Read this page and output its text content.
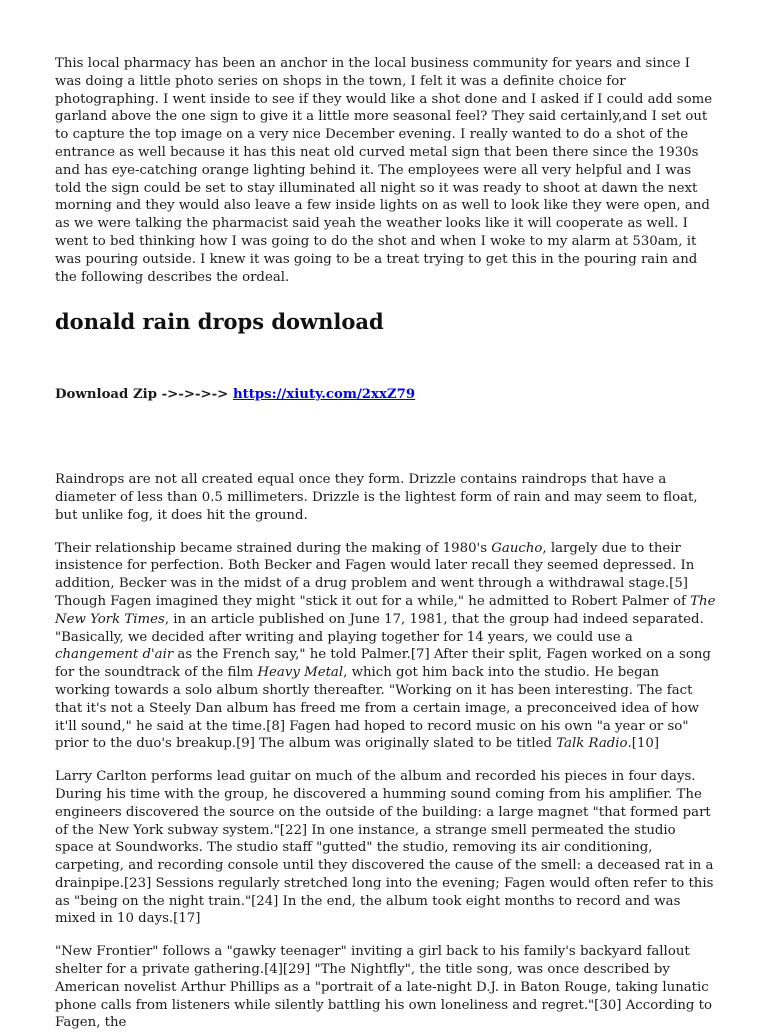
This local pharmacy has been an anchor in the local business community for years and since I was doing a little photo series on shops in the town, I felt it was a definite choice for photographing. I went inside to see if they would like a shot done and I asked if I could add some garland above the one sign to give it a little more seasonal feel? They said certainly,and I set out to capture the top image on a very nice December evening. I really wanted to do a shot of the entrance as well because it has this neat old curved metal sign that been there since the 1930s and has eye-catching orange lighting behind it. The employees were all very helpful and I was told the sign could be set to stay illuminated all night so it was ready to shoot at dawn the next morning and they would also leave a few inside lights on as well to look like they were open, and as we were talking the pharmacist said yeah the weather looks like it will cooperate as well. I went to bed thinking how I was going to do the shot and when I woke to my alarm at 530am, it was pouring outside. I knew it was going to be a treat trying to get this in the pouring rain and the following describes the ordeal.

donald rain drops download

Download Zip ->->->-> https://xiuty.com/2xxZ79

Raindrops are not all created equal once they form. Drizzle contains raindrops that have a diameter of less than 0.5 millimeters. Drizzle is the lightest form of rain and may seem to float, but unlike fog, it does hit the ground.

Their relationship became strained during the making of 1980's Gaucho, largely due to their insistence for perfection. Both Becker and Fagen would later recall they seemed depressed. In addition, Becker was in the midst of a drug problem and went through a withdrawal stage.[5] Though Fagen imagined they might "stick it out for a while," he admitted to Robert Palmer of The New York Times, in an article published on June 17, 1981, that the group had indeed separated. "Basically, we decided after writing and playing together for 14 years, we could use a changement d'air as the French say," he told Palmer.[7] After their split, Fagen worked on a song for the soundtrack of the film Heavy Metal, which got him back into the studio. He began working towards a solo album shortly thereafter. "Working on it has been interesting. The fact that it's not a Steely Dan album has freed me from a certain image, a preconceived idea of how it'll sound," he said at the time.[8] Fagen had hoped to record music on his own "a year or so" prior to the duo's breakup.[9] The album was originally slated to be titled Talk Radio.[10]

Larry Carlton performs lead guitar on much of the album and recorded his pieces in four days. During his time with the group, he discovered a humming sound coming from his amplifier. The engineers discovered the source on the outside of the building: a large magnet "that formed part of the New York subway system."[22] In one instance, a strange smell permeated the studio space at Soundworks. The studio staff "gutted" the studio, removing its air conditioning, carpeting, and recording console until they discovered the cause of the smell: a deceased rat in a drainpipe.[23] Sessions regularly stretched long into the evening; Fagen would often refer to this as "being on the night train."[24] In the end, the album took eight months to record and was mixed in 10 days.[17]

"New Frontier" follows a "gawky teenager" inviting a girl back to his family's backyard fallout shelter for a private gathering.[4][29] "The Nightfly", the title song, was once described by American novelist Arthur Phillips as a "portrait of a late-night D.J. in Baton Rouge, taking lunatic phone calls from listeners while silently battling his own loneliness and regret."[30] According to Fagen, the
